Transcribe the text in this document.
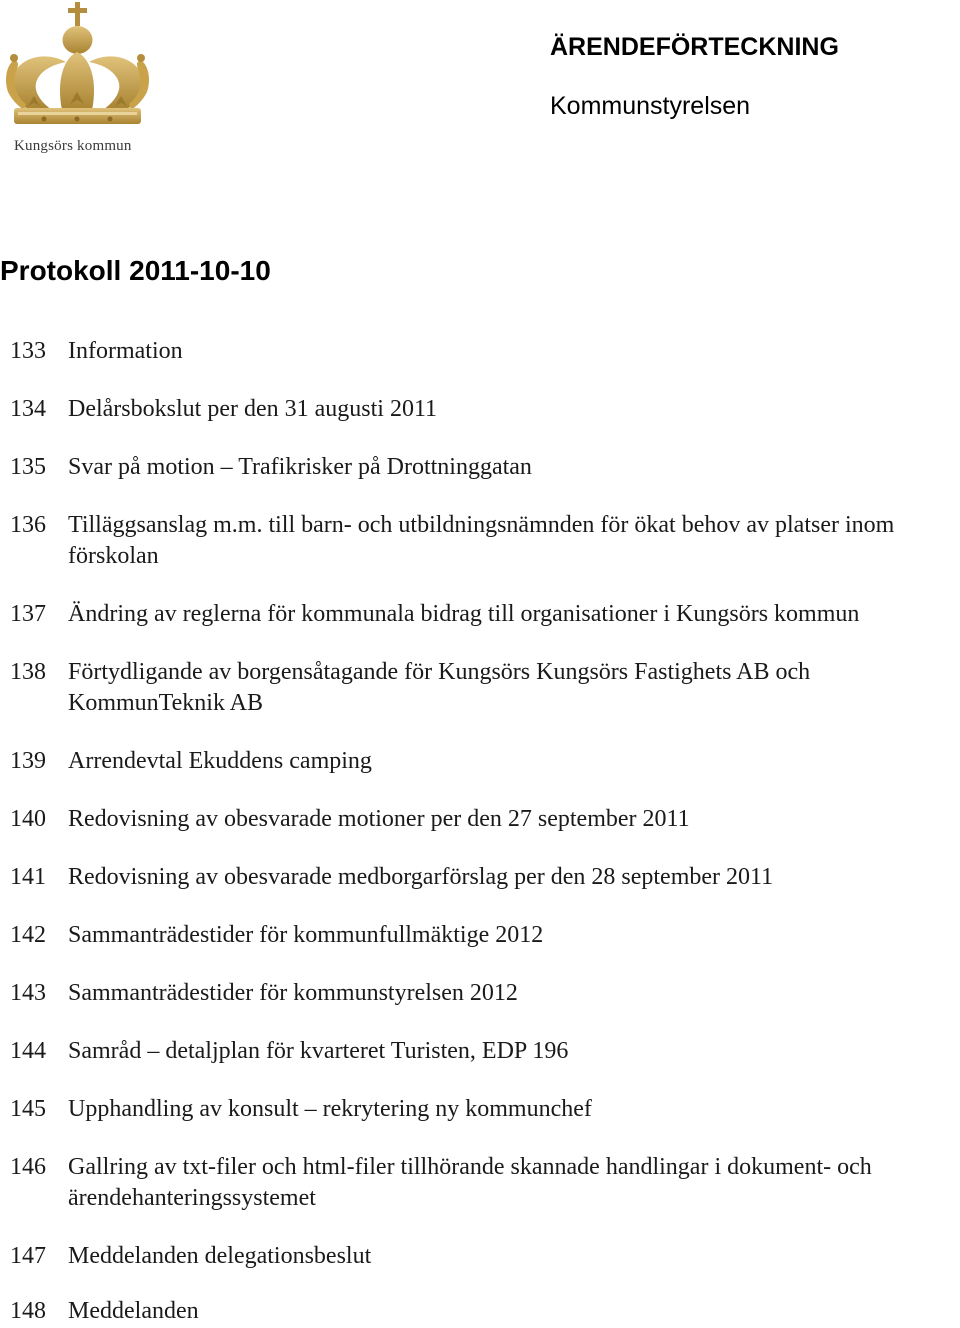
Kungsörs kommun
ÄRENDEFÖRTECKNING
Kommunstyrelsen
Protokoll 2011-10-10
133 Information
134 Delårsbokslut per den 31 augusti 2011
135 Svar på motion – Trafikrisker på Drottninggatan
136 Tilläggsanslag m.m. till barn- och utbildningsnämnden för ökat behov av platser inom förskolan
137 Ändring av reglerna för kommunala bidrag till organisationer i Kungsörs kommun
138 Förtydligande av borgensåtagande för Kungsörs Kungsörs Fastighets AB och KommunTeknik AB
139 Arrendevtal Ekuddens camping
140 Redovisning av obesvarade motioner per den 27 september 2011
141 Redovisning av obesvarade medborgarförslag per den 28 september 2011
142 Sammanträdestider för kommunfullmäktige 2012
143 Sammanträdestider för kommunstyrelsen 2012
144 Samråd – detaljplan för kvarteret Turisten, EDP 196
145 Upphandling av konsult – rekrytering ny kommunchef
146 Gallring av txt-filer och html-filer tillhörande skannade handlingar i dokument- och ärendehanteringssystemet
147 Meddelanden delegationsbeslut
148 Meddelanden
